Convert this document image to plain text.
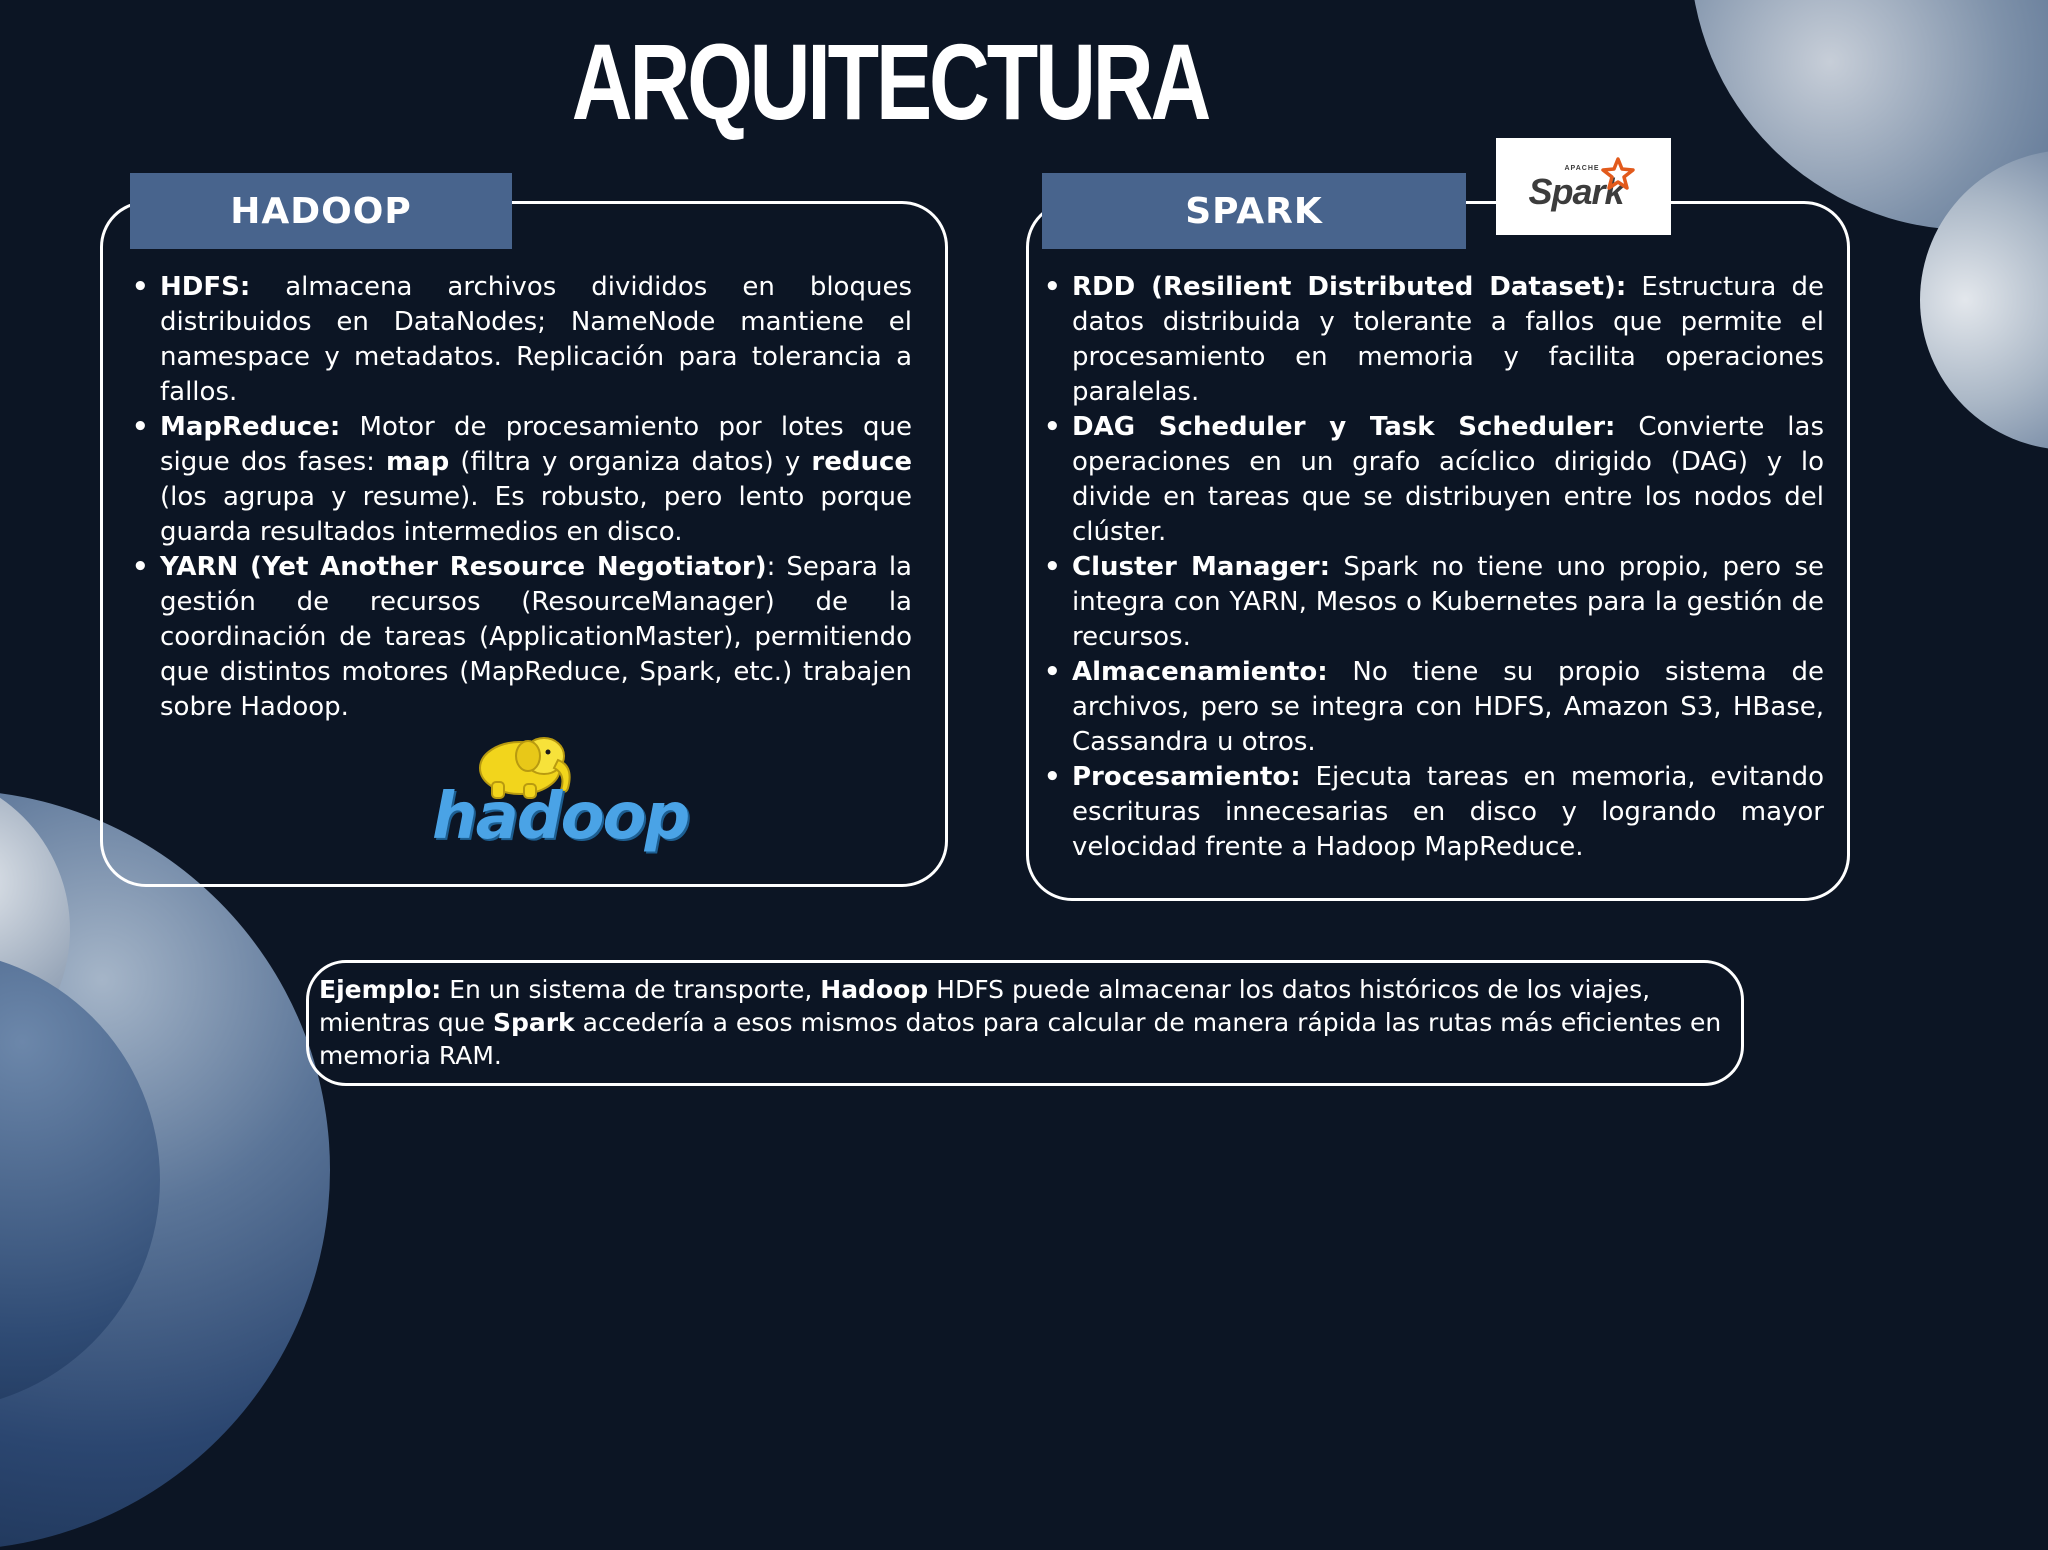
ARQUITECTURA
HADOOP
• HDFS: almacena archivos divididos en bloques distribuidos en DataNodes; NameNode mantiene el namespace y metadatos. Replicación para tolerancia a fallos.
• MapReduce: Motor de procesamiento por lotes que sigue dos fases: map (filtra y organiza datos) y reduce (los agrupa y resume). Es robusto, pero lento porque guarda resultados intermedios en disco.
• YARN (Yet Another Resource Negotiator): Separa la gestión de recursos (ResourceManager) de la coordinación de tareas (ApplicationMaster), permitiendo que distintos motores (MapReduce, Spark, etc.) trabajen sobre Hadoop.
hadoop
SPARK
APACHE
Spark
• RDD (Resilient Distributed Dataset): Estructura de datos distribuida y tolerante a fallos que permite el procesamiento en memoria y facilita operaciones paralelas.
• DAG Scheduler y Task Scheduler: Convierte las operaciones en un grafo acíclico dirigido (DAG) y lo divide en tareas que se distribuyen entre los nodos del clúster.
• Cluster Manager: Spark no tiene uno propio, pero se integra con YARN, Mesos o Kubernetes para la gestión de recursos.
• Almacenamiento: No tiene su propio sistema de archivos, pero se integra con HDFS, Amazon S3, HBase, Cassandra u otros.
• Procesamiento: Ejecuta tareas en memoria, evitando escrituras innecesarias en disco y logrando mayor velocidad frente a Hadoop MapReduce.
Ejemplo: En un sistema de transporte, Hadoop HDFS puede almacenar los datos históricos de los viajes, mientras que Spark accedería a esos mismos datos para calcular de manera rápida las rutas más eficientes en memoria RAM.
